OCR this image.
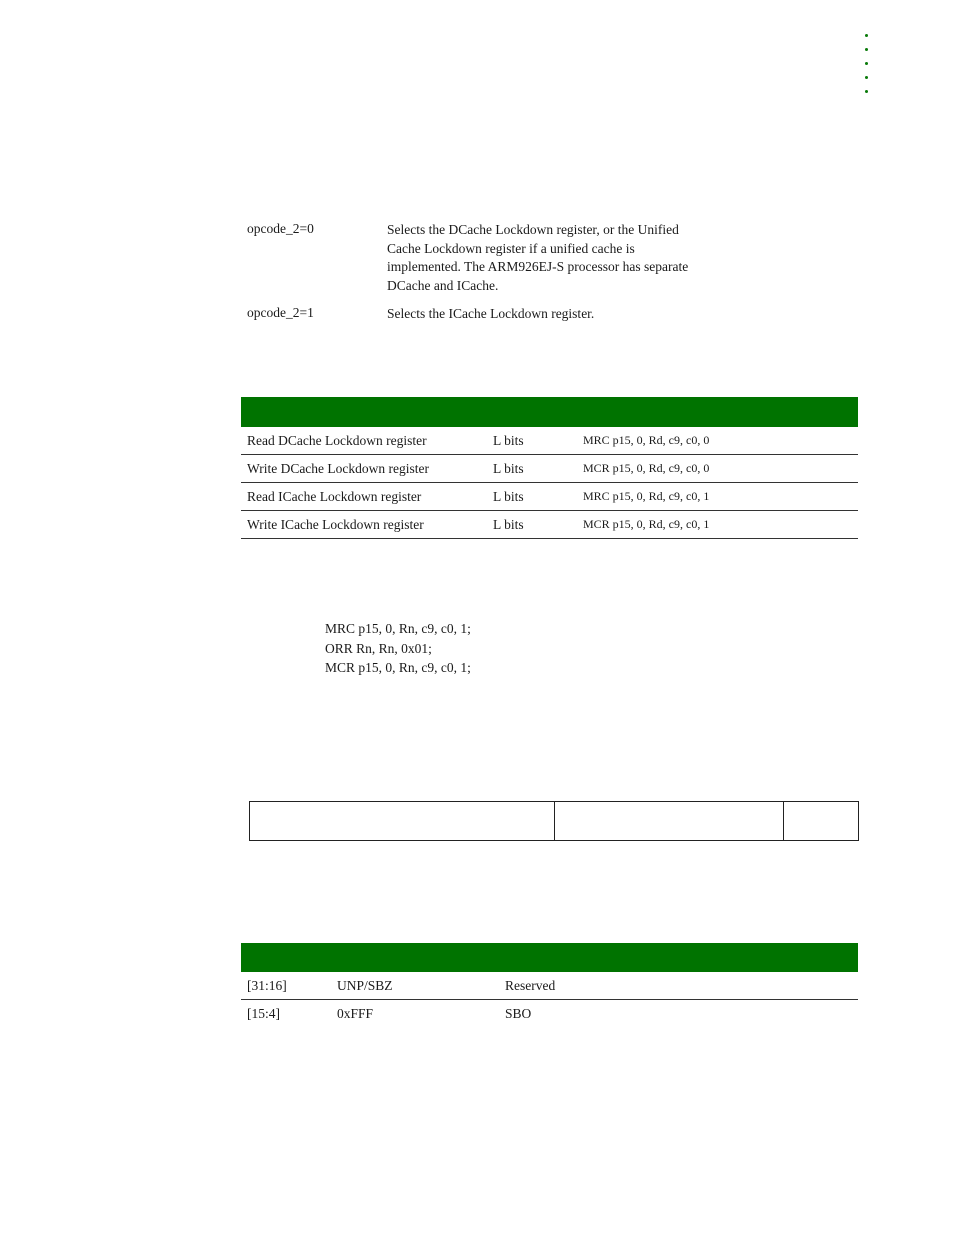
opcode_2=0	Selects the DCache Lockdown register, or the Unified Cache Lockdown register if a unified cache is implemented. The ARM926EJ-S processor has separate DCache and ICache.
opcode_2=1	Selects the ICache Lockdown register.
Read DCache Lockdown register	L bits	MRC p15, 0, Rd, c9, c0, 0
Write DCache Lockdown register	L bits	MCR p15, 0, Rd, c9, c0, 0
Read ICache Lockdown register	L bits	MRC p15, 0, Rd, c9, c0, 1
Write ICache Lockdown register	L bits	MCR p15, 0, Rd, c9, c0, 1
MRC p15, 0, Rn, c9, c0, 1;
ORR Rn, Rn, 0x01;
MCR p15, 0, Rn, c9, c0, 1;
[31:16]	UNP/SBZ	Reserved
[15:4]	0xFFF	SBO
